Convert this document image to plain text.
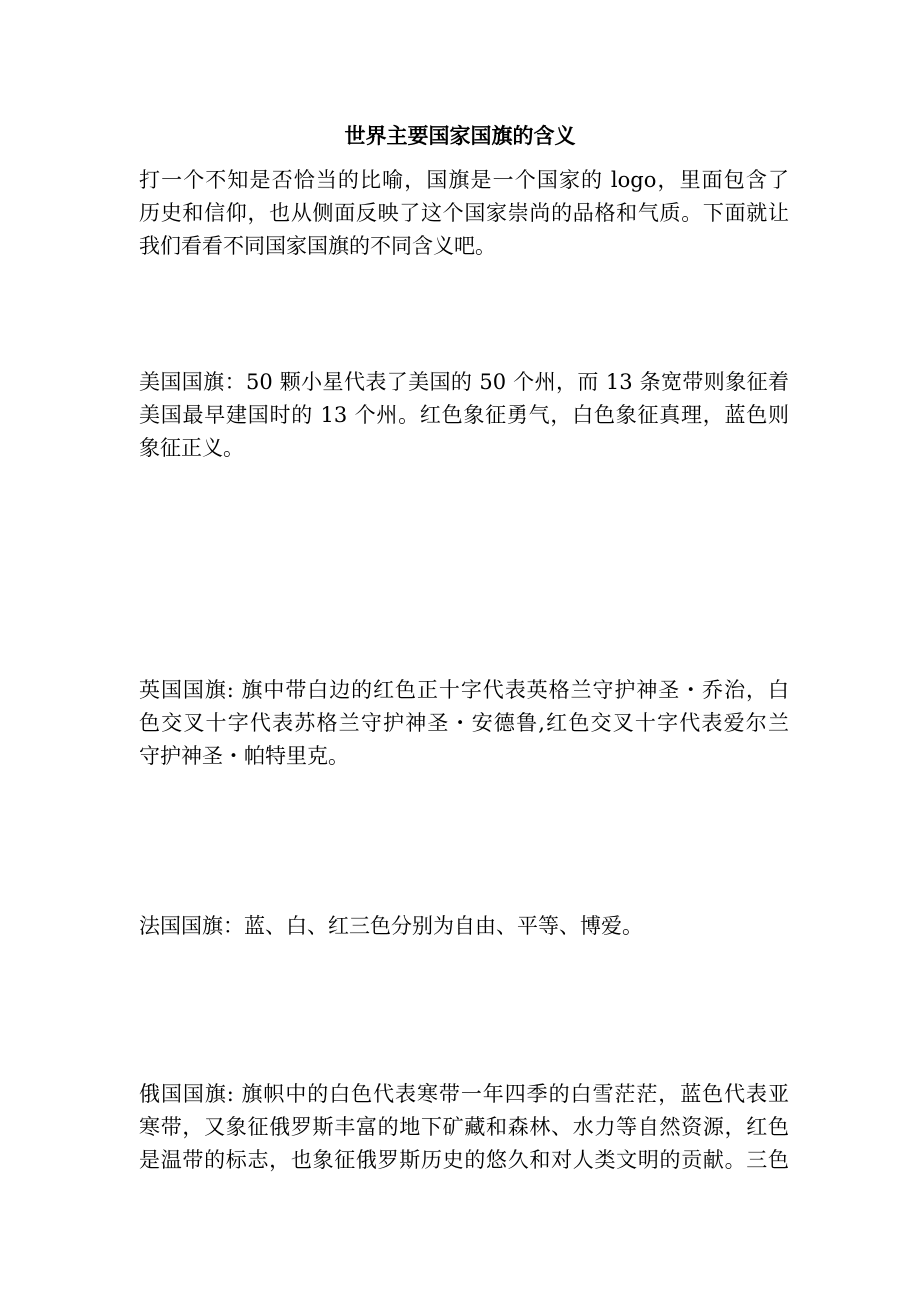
世界主要国家国旗的含义
打一个不知是否恰当的比喻，国旗是一个国家的 logo，里面包含了
历史和信仰，也从侧面反映了这个国家崇尚的品格和气质。下面就让
我们看看不同国家国旗的不同含义吧。
美国国旗：50 颗小星代表了美国的 50 个州，而 13 条宽带则象征着
美国最早建国时的 13 个州。红色象征勇气，白色象征真理，蓝色则
象征正义。
英国国旗: 旗中带白边的红色正十字代表英格兰守护神圣・乔治，白
色交叉十字代表苏格兰守护神圣・安德鲁,红色交叉十字代表爱尔兰
守护神圣・帕特里克。
法国国旗：蓝、白、红三色分别为自由、平等、博爱。
俄国国旗: 旗帜中的白色代表寒带一年四季的白雪茫茫，蓝色代表亚
寒带，又象征俄罗斯丰富的地下矿藏和森林、水力等自然资源，红色
是温带的标志，也象征俄罗斯历史的悠久和对人类文明的贡献。三色
